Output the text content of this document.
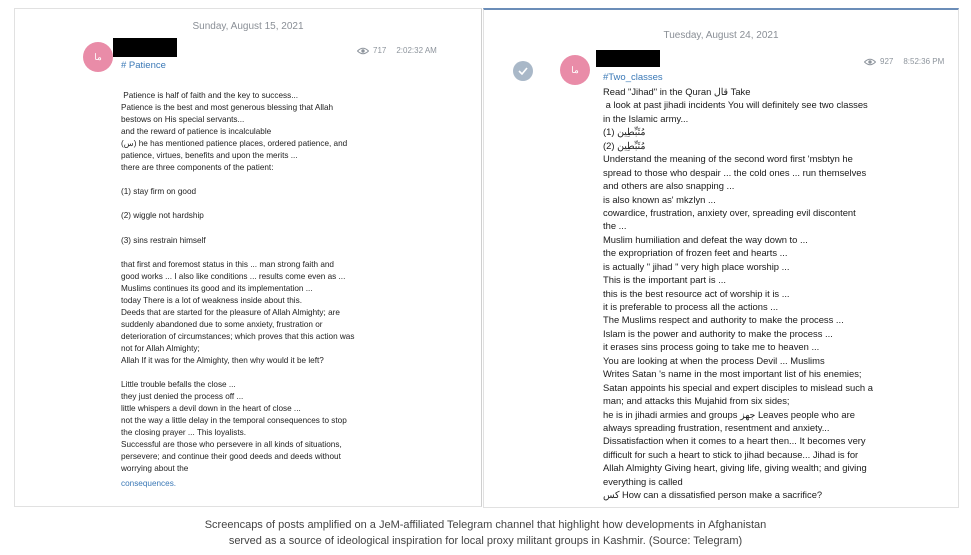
Sunday, August 15, 2021
ما
717 2:02:32 AM
# Patience
Patience is half of faith and the key to success...
Patience is the best and most generous blessing that Allah
bestows on His special servants...
and the reward of patience is incalculable
(س) he has mentioned patience places, ordered patience, and
patience, virtues, benefits and upon the merits ...
there are three components of the patient:

(1) stay firm on good

(2) wiggle not hardship

(3) sins restrain himself

that first and foremost status in this ... man strong faith and
good works ... I also like conditions ... results come even as ...
Muslims continues its good and its implementation ...
today There is a lot of weakness inside about this.
Deeds that are started for the pleasure of Allah Almighty; are
suddenly abandoned due to some anxiety, frustration or
deterioration of circumstances; which proves that this action was
not for Allah Almighty;
Allah If it was for the Almighty, then why would it be left?

Little trouble befalls the close ...
they just denied the process off ...
little whispers a devil down in the heart of close ...
not the way a little delay in the temporal consequences to stop
the closing prayer ... This loyalists.
Successful are those who persevere in all kinds of situations,
persevere; and continue their good deeds and deeds without
worrying about the
consequences.
Tuesday, August 24, 2021
ما
927 8:52:36 PM
#Two_classes
Read "Jihad" in the Quran قال Take
a look at past jihadi incidents You will definitely see two classes
in the Islamic army...
(1) مُثَبِّطِين
(2) مُثَبِّطِين
Understand the meaning of the second word first 'msbtyn he
spread to those who despair ... the cold ones ... run themselves
and others are also snapping ...
is also known as' mkzlyn ...
cowardice, frustration, anxiety over, spreading evil discontent
the ...
Muslim humiliation and defeat the way down to ...
the expropriation of frozen feet and hearts ...
is actually " jihad " very high place worship ...
This is the important part is ...
this is the best resource act of worship it is ...
it is preferable to process all the actions ...
The Muslims respect and authority to make the process ...
Islam is the power and authority to make the process ...
it erases sins process going to take me to heaven ...
You are looking at when the process Devil ... Muslims
Writes Satan 's name in the most important list of his enemies;
Satan appoints his special and expert disciples to mislead such a
man; and attacks this Mujahid from six sides;
he is in jihadi armies and groups جهز Leaves people who are
always spreading frustration, resentment and anxiety...
Dissatisfaction when it comes to a heart then... It becomes very
difficult for such a heart to stick to jihad because... Jihad is for
Allah Almighty Giving heart, giving life, giving wealth; and giving
everything is called
کس How can a dissatisfied person make a sacrifice?
Screencaps of posts amplified on a JeM-affiliated Telegram channel that highlight how developments in Afghanistan
served as a source of ideological inspiration for local proxy militant groups in Kashmir. (Source: Telegram)
